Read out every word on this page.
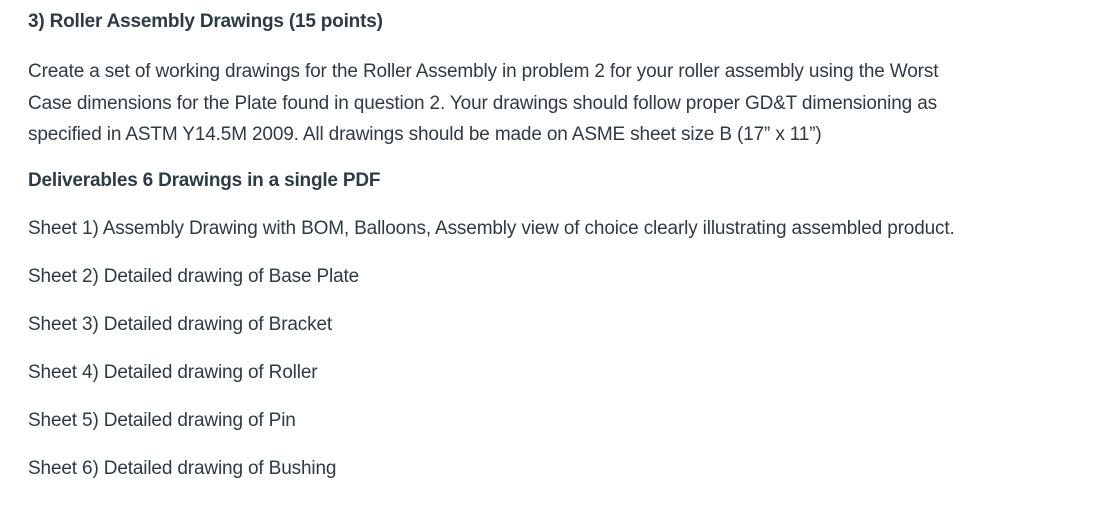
3) Roller Assembly Drawings (15 points)

Create a set of working drawings for the Roller Assembly in problem 2 for your roller assembly using the Worst
Case dimensions for the Plate found in question 2. Your drawings should follow proper GD&T dimensioning as
specified in ASTM Y14.5M 2009. All drawings should be made on ASME sheet size B (17” x 11”)

Deliverables 6 Drawings in a single PDF

Sheet 1) Assembly Drawing with BOM, Balloons, Assembly view of choice clearly illustrating assembled product.
Sheet 2) Detailed drawing of Base Plate
Sheet 3) Detailed drawing of Bracket
Sheet 4) Detailed drawing of Roller
Sheet 5) Detailed drawing of Pin
Sheet 6) Detailed drawing of Bushing
